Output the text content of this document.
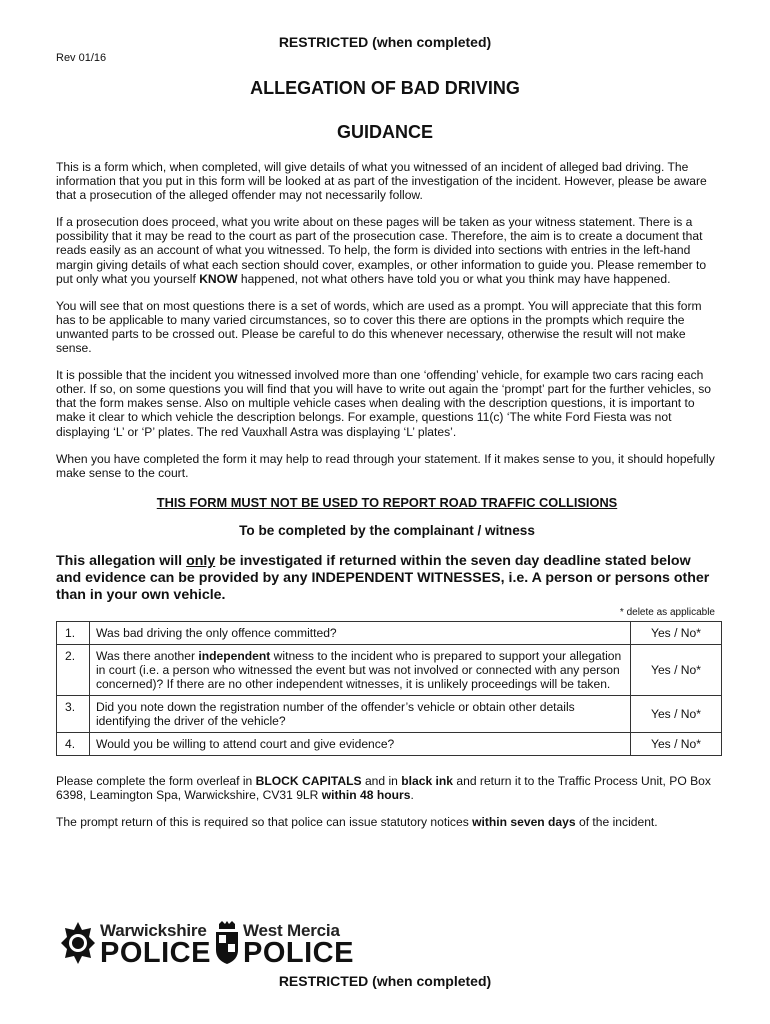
RESTRICTED (when completed)
Rev 01/16
ALLEGATION OF BAD DRIVING
GUIDANCE

This is a form which, when completed, will give details of what you witnessed of an incident of alleged bad driving. The information that you put in this form will be looked at as part of the investigation of the incident. However, please be aware that a prosecution of the alleged offender may not necessarily follow.

If a prosecution does proceed, what you write about on these pages will be taken as your witness statement. There is a possibility that it may be read to the court as part of the prosecution case. Therefore, the aim is to create a document that reads easily as an account of what you witnessed. To help, the form is divided into sections with entries in the left-hand margin giving details of what each section should cover, examples, or other information to guide you. Please remember to put only what you yourself KNOW happened, not what others have told you or what you think may have happened.

You will see that on most questions there is a set of words, which are used as a prompt. You will appreciate that this form has to be applicable to many varied circumstances, so to cover this there are options in the prompts which require the unwanted parts to be crossed out. Please be careful to do this whenever necessary, otherwise the result will not make sense.

It is possible that the incident you witnessed involved more than one ‘offending’ vehicle, for example two cars racing each other. If so, on some questions you will find that you will have to write out again the ‘prompt’ part for the further vehicles, so that the form makes sense. Also on multiple vehicle cases when dealing with the description questions, it is important to make it clear to which vehicle the description belongs. For example, questions 11(c) ‘The white Ford Fiesta was not displaying ‘L’ or ‘P’ plates. The red Vauxhall Astra was displaying ‘L’ plates’.

When you have completed the form it may help to read through your statement. If it makes sense to you, it should hopefully make sense to the court.

THIS FORM MUST NOT BE USED TO REPORT ROAD TRAFFIC COLLISIONS

To be completed by the complainant / witness

This allegation will only be investigated if returned within the seven day deadline stated below and evidence can be provided by any INDEPENDENT WITNESSES, i.e. A person or persons other than in your own vehicle.

* delete as applicable

1.	Was bad driving the only offence committed?	Yes / No*
2.	Was there another independent witness to the incident who is prepared to support your allegation in court (i.e. a person who witnessed the event but was not involved or connected with any person concerned)? If there are no other independent witnesses, it is unlikely proceedings will be taken.	Yes / No*
3.	Did you note down the registration number of the offender’s vehicle or obtain other details identifying the driver of the vehicle?	Yes / No*
4.	Would you be willing to attend court and give evidence?	Yes / No*

Please complete the form overleaf in BLOCK CAPITALS and in black ink and return it to the Traffic Process Unit, PO Box 6398, Leamington Spa, Warwickshire, CV31 9LR within 48 hours.

The prompt return of this is required so that police can issue statutory notices within seven days of the incident.

Warwickshire
POLICE
West Mercia
POLICE
RESTRICTED (when completed)
